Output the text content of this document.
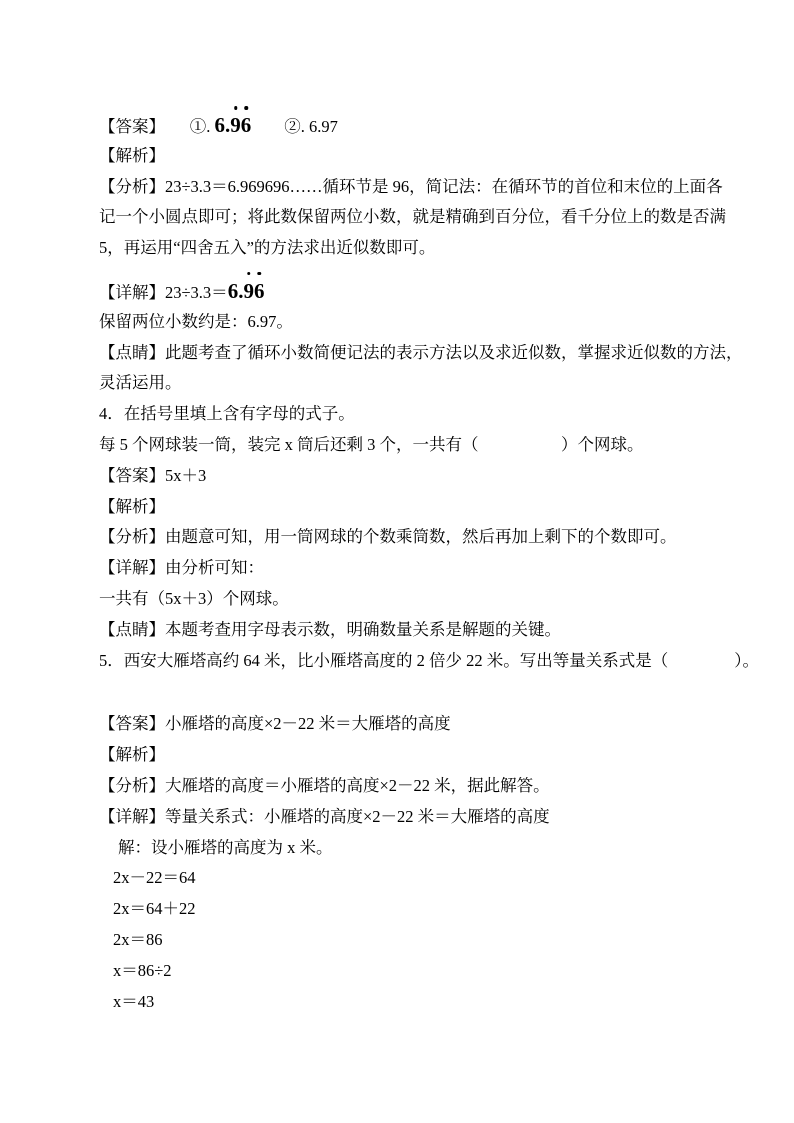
【答案】　　①. 6.96　　②. 6.97
【解析】
【分析】23÷3.3＝6.969696……循环节是 96，简记法：在循环节的首位和末位的上面各
记一个小圆点即可；将此数保留两位小数，就是精确到百分位，看千分位上的数是否满
5，再运用“四舍五入”的方法求出近似数即可。
【详解】23÷3.3＝6.96
保留两位小数约是：6.97。
【点睛】此题考查了循环小数简便记法的表示方法以及求近似数，掌握求近似数的方法，
灵活运用。
4．在括号里填上含有字母的式子。
每 5 个网球装一筒，装完 x 筒后还剩 3 个，一共有（　　　　　）个网球。
【答案】5x＋3
【解析】
【分析】由题意可知，用一筒网球的个数乘筒数，然后再加上剩下的个数即可。
【详解】由分析可知：
一共有（5x＋3）个网球。
【点睛】本题考查用字母表示数，明确数量关系是解题的关键。
5．西安大雁塔高约 64 米，比小雁塔高度的 2 倍少 22 米。写出等量关系式是（　　　　）。
【答案】小雁塔的高度×2－22 米＝大雁塔的高度
【解析】
【分析】大雁塔的高度＝小雁塔的高度×2－22 米，据此解答。
【详解】等量关系式：小雁塔的高度×2－22 米＝大雁塔的高度
解：设小雁塔的高度为 x 米。
2x－22＝64
2x＝64＋22
2x＝86
x＝86÷2
x＝43
